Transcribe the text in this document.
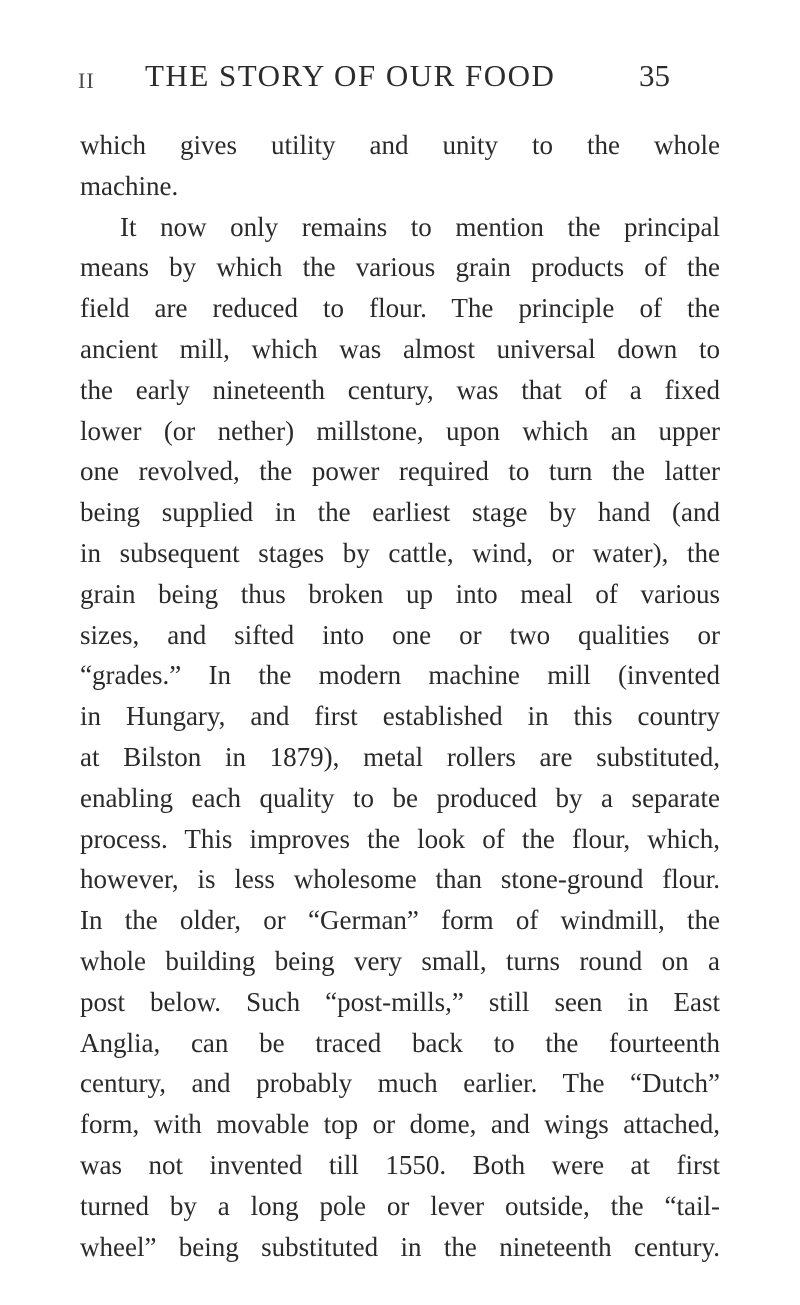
II THE STORY OF OUR FOOD	35
which gives utility and unity to the whole
machine.
It now only remains to mention the principal
means by which the various grain products of the
field are reduced to flour. The principle of the
ancient mill, which was almost universal down to
the early nineteenth century, was that of a fixed
lower (or nether) millstone, upon which an upper
one revolved, the power required to turn the latter
being supplied in the earliest stage by hand (and
in subsequent stages by cattle, wind, or water), the
grain being thus broken up into meal of various
sizes, and sifted into one or two qualities or
“grades.” In the modern machine mill (invented
in Hungary, and first established in this country
at Bilston in 1879), metal rollers are substituted,
enabling each quality to be produced by a separate
process. This improves the look of the flour, which,
however, is less wholesome than stone-ground flour.
In the older, or “German” form of windmill, the
whole building being very small, turns round on a
post below. Such “post-mills,” still seen in East
Anglia, can be traced back to the fourteenth
century, and probably much earlier. The “Dutch”
form, with movable top or dome, and wings attached,
was not invented till 1550. Both were at first
turned by a long pole or lever outside, the “tail-
wheel” being substituted in the nineteenth century.
